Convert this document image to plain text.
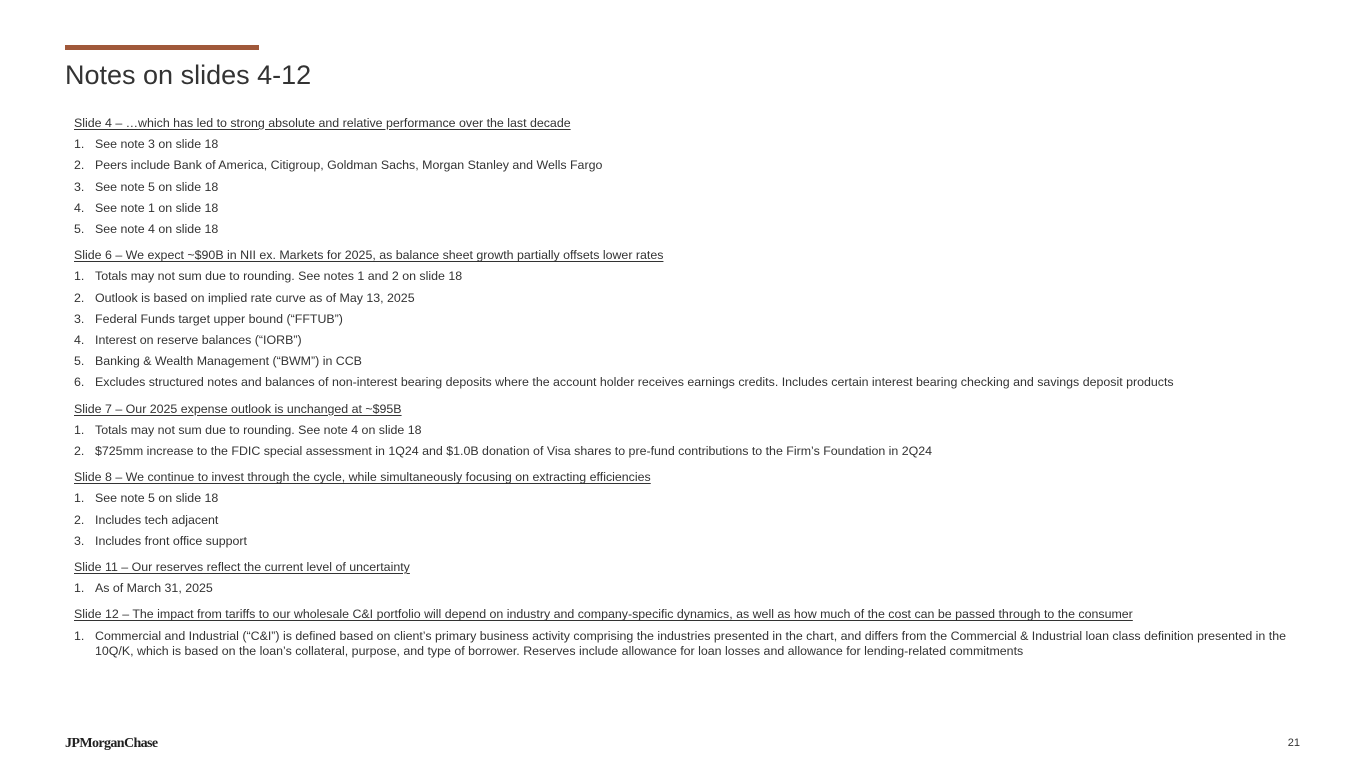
Notes on slides 4-12
Slide 4 – …which has led to strong absolute and relative performance over the last decade
1. See note 3 on slide 18
2. Peers include Bank of America, Citigroup, Goldman Sachs, Morgan Stanley and Wells Fargo
3. See note 5 on slide 18
4. See note 1 on slide 18
5. See note 4 on slide 18
Slide 6 – We expect ~$90B in NII ex. Markets for 2025, as balance sheet growth partially offsets lower rates
1. Totals may not sum due to rounding. See notes 1 and 2 on slide 18
2. Outlook is based on implied rate curve as of May 13, 2025
3. Federal Funds target upper bound (“FFTUB”)
4. Interest on reserve balances (“IORB”)
5. Banking & Wealth Management (“BWM”) in CCB
6. Excludes structured notes and balances of non-interest bearing deposits where the account holder receives earnings credits. Includes certain interest bearing checking and savings deposit products
Slide 7 – Our 2025 expense outlook is unchanged at ~$95B
1. Totals may not sum due to rounding. See note 4 on slide 18
2. $725mm increase to the FDIC special assessment in 1Q24 and $1.0B donation of Visa shares to pre-fund contributions to the Firm’s Foundation in 2Q24
Slide 8 – We continue to invest through the cycle, while simultaneously focusing on extracting efficiencies
1. See note 5 on slide 18
2. Includes tech adjacent
3. Includes front office support
Slide 11 – Our reserves reflect the current level of uncertainty
1. As of March 31, 2025
Slide 12 – The impact from tariffs to our wholesale C&I portfolio will depend on industry and company-specific dynamics, as well as how much of the cost can be passed through to the consumer
1. Commercial and Industrial (“C&I”) is defined based on client’s primary business activity comprising the industries presented in the chart, and differs from the Commercial & Industrial loan class definition presented in the 10Q/K, which is based on the loan’s collateral, purpose, and type of borrower. Reserves include allowance for loan losses and allowance for lending-related commitments
JPMorganChase	21
